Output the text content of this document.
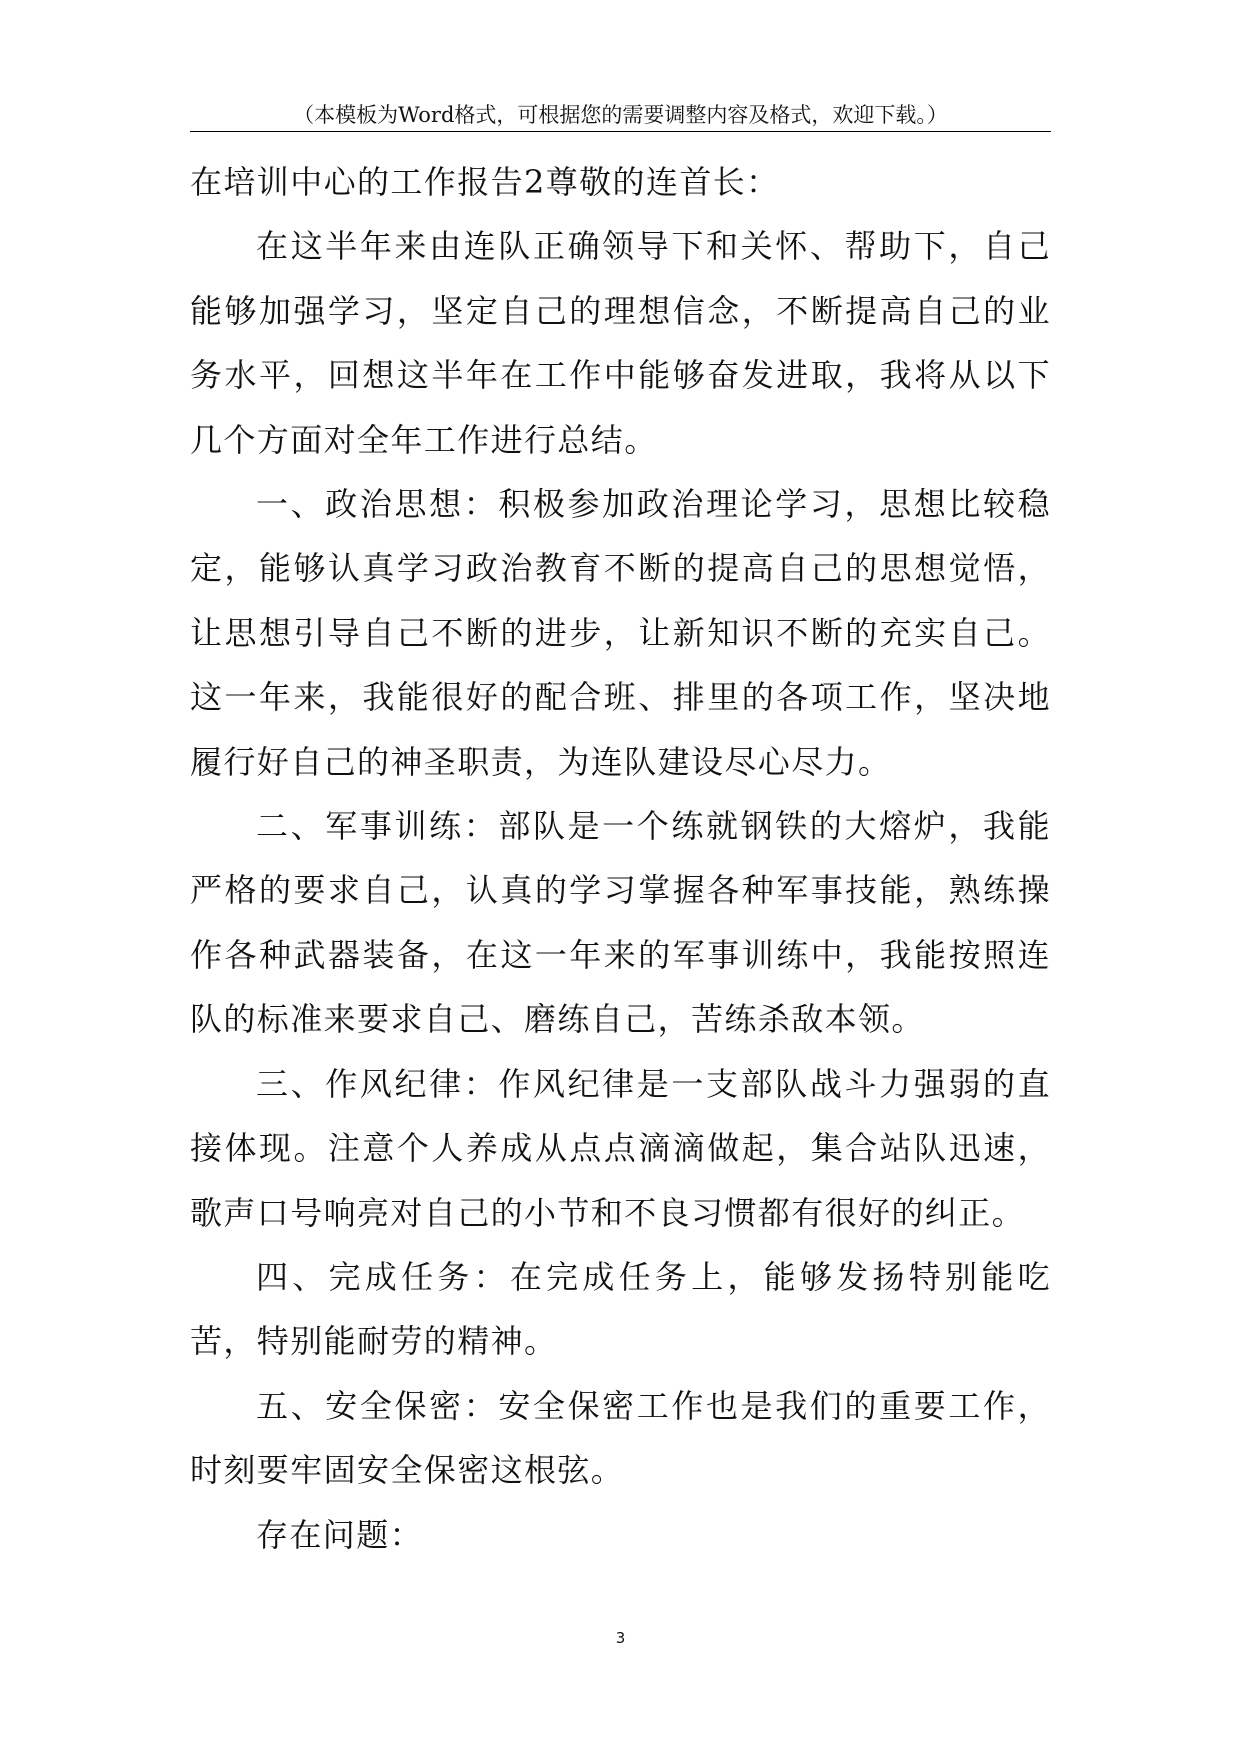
（本模板为Word格式，可根据您的需要调整内容及格式，欢迎下载。）

在培训中心的工作报告2尊敬的连首长：

在这半年来由连队正确领导下和关怀、帮助下，自己能够加强学习，坚定自己的理想信念，不断提高自己的业务水平，回想这半年在工作中能够奋发进取，我将从以下几个方面对全年工作进行总结。

一、政治思想：积极参加政治理论学习，思想比较稳定，能够认真学习政治教育不断的提高自己的思想觉悟，让思想引导自己不断的进步，让新知识不断的充实自己。这一年来，我能很好的配合班、排里的各项工作，坚决地履行好自己的神圣职责，为连队建设尽心尽力。

二、军事训练：部队是一个练就钢铁的大熔炉，我能严格的要求自己，认真的学习掌握各种军事技能，熟练操作各种武器装备，在这一年来的军事训练中，我能按照连队的标准来要求自己、磨练自己，苦练杀敌本领。

三、作风纪律：作风纪律是一支部队战斗力强弱的直接体现。注意个人养成从点点滴滴做起，集合站队迅速，歌声口号响亮对自己的小节和不良习惯都有很好的纠正。

四、完成任务：在完成任务上，能够发扬特别能吃苦，特别能耐劳的精神。

五、安全保密：安全保密工作也是我们的重要工作，时刻要牢固安全保密这根弦。

存在问题：

3
